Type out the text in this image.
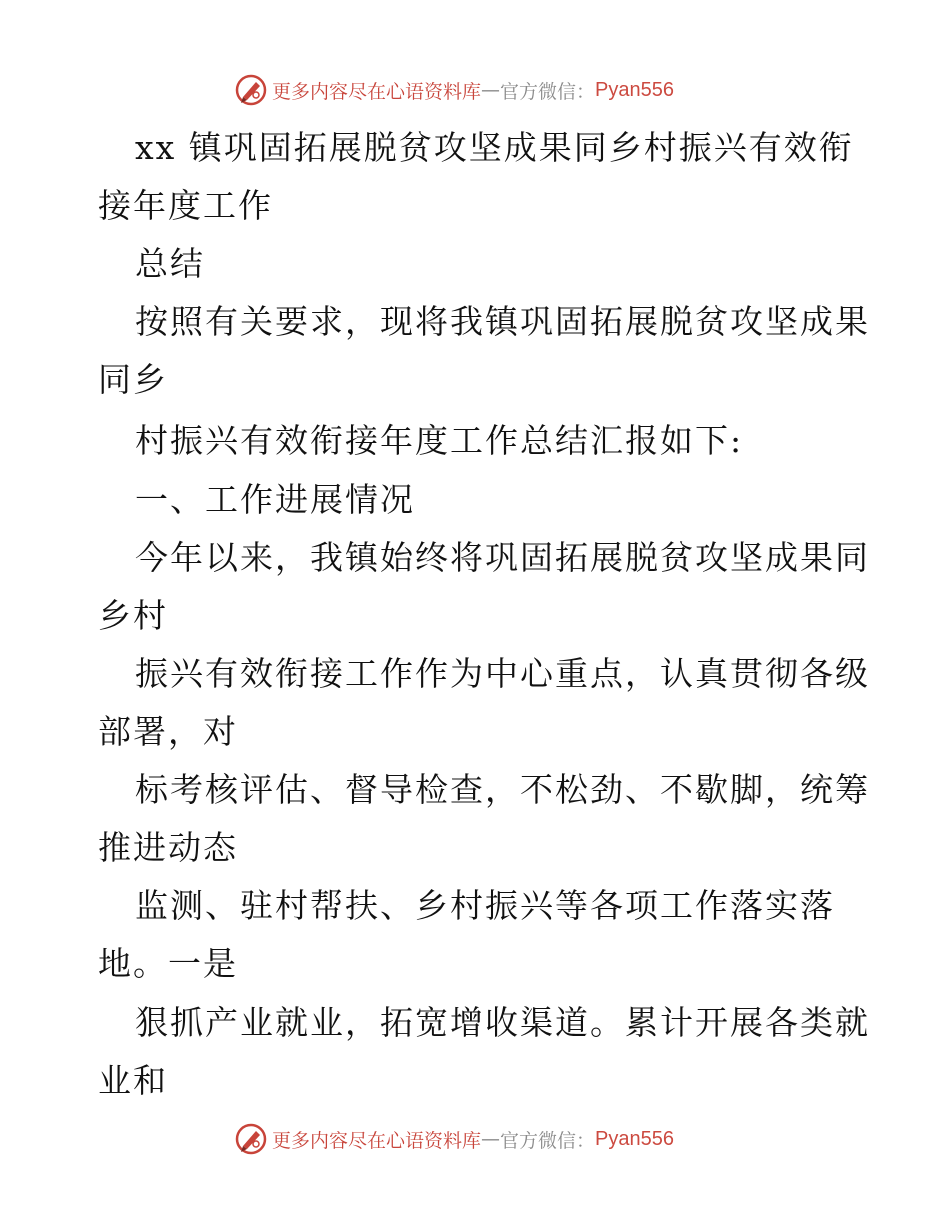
更多内容尽在心语资料库 — 官方微信： Pyan556
xx 镇巩固拓展脱贫攻坚成果同乡村振兴有效衔
接年度工作
总结
按照有关要求，现将我镇巩固拓展脱贫攻坚成果
同乡
村振兴有效衔接年度工作总结汇报如下:
一、工作进展情况
今年以来，我镇始终将巩固拓展脱贫攻坚成果同
乡村
振兴有效衔接工作作为中心重点，认真贯彻各级
部署，对
标考核评估、督导检查，不松劲、不歇脚，统筹
推进动态
监测、驻村帮扶、乡村振兴等各项工作落实落
地。一是
狠抓产业就业，拓宽增收渠道。累计开展各类就
业和
更多内容尽在心语资料库 — 官方微信： Pyan556
